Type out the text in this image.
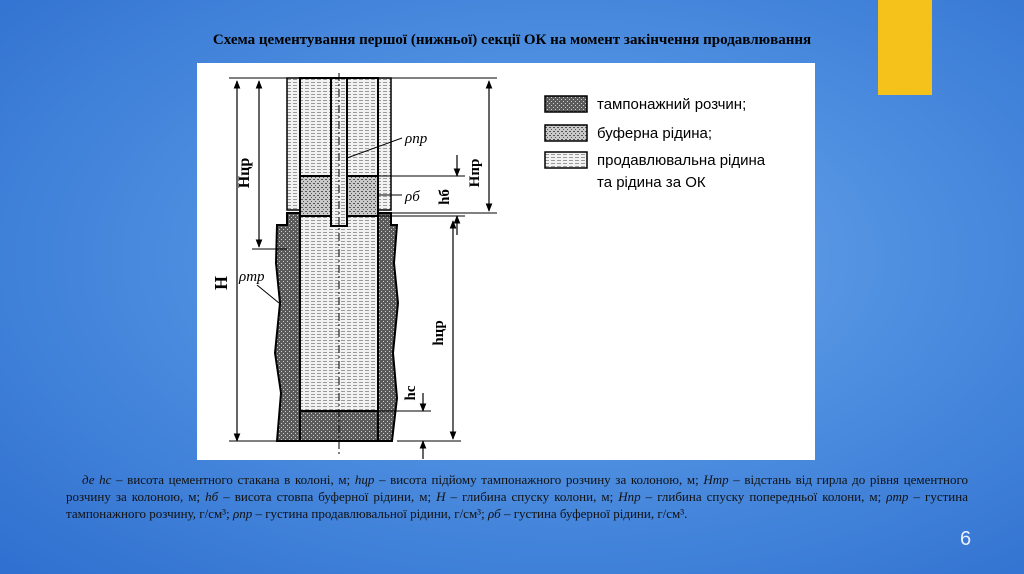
Схема цементування першої (нижньої) секції ОК на момент закінчення продавлювання
H
Нцр	Нпр
hб
hцр
hс
ρпр
ρб
ρтр
тампонажний розчин;
буферна рідина;
продавлювальна рідина
та рідина за ОК
де hс – висота цементного стакана в колоні, м; hцр – висота підйому тампонажного розчину за колоною, м; Нтр – відстань від гирла до рівня цементного розчину за колоною, м; hб – висота стовпа буферної рідини, м; Н – глибина спуску колони, м; Нпр – глибина спуску попередньої колони, м; ρтр – густина тампонажного розчину, г/см³; ρпр – густина продавлювальної рідини, г/см³; ρб – густина буферної рідини, г/см³.
6
